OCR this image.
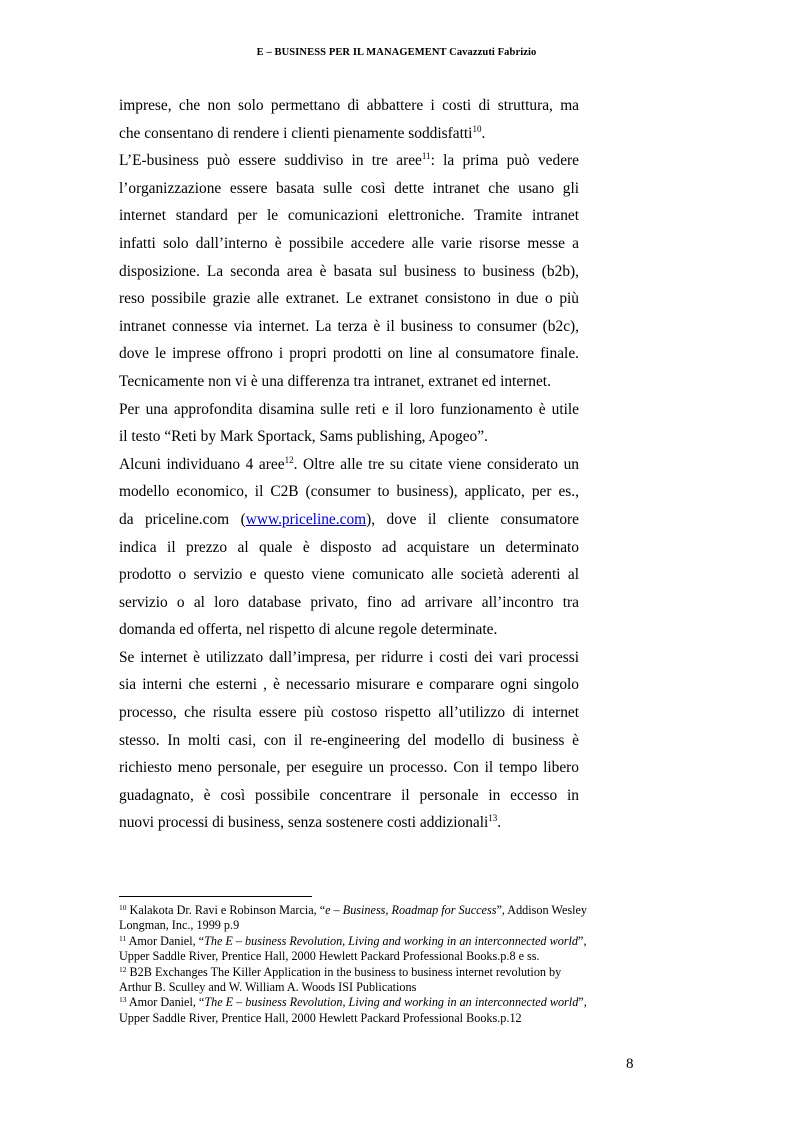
E – BUSINESS PER IL MANAGEMENT Cavazzuti Fabrizio
imprese, che non solo permettano di abbattere i costi di struttura, ma
che consentano di rendere i clienti pienamente soddisfatti$^{10}$.
L’E-business può essere suddiviso in tre aree$^{11}$: la prima può vedere
l’organizzazione essere basata sulle così dette intranet che usano gli
internet standard per le comunicazioni elettroniche. Tramite intranet
infatti solo dall’interno è possibile accedere alle varie risorse messe a
disposizione. La seconda area è basata sul business to business (b2b),
reso possibile grazie alle extranet. Le extranet consistono in due o più
intranet connesse via internet. La terza è il business to consumer (b2c),
dove le imprese offrono i propri prodotti on line al consumatore finale.
Tecnicamente non vi è una differenza tra intranet, extranet ed internet.
Per una approfondita disamina sulle reti e il loro funzionamento è utile
il testo “Reti by Mark Sportack, Sams publishing, Apogeo”.
Alcuni individuano 4 aree$^{12}$. Oltre alle tre su citate viene considerato un
modello economico, il C2B (consumer to business), applicato, per es.,
da priceline.com (www.priceline.com), dove il cliente consumatore
indica il prezzo al quale è disposto ad acquistare un determinato
prodotto o servizio e questo viene comunicato alle società aderenti al
servizio o al loro database privato, fino ad arrivare all’incontro tra
domanda ed offerta, nel rispetto di alcune regole determinate.
Se internet è utilizzato dall’impresa, per ridurre i costi dei vari processi
sia interni che esterni , è necessario misurare e comparare ogni singolo
processo, che risulta essere più costoso rispetto all’utilizzo di internet
stesso. In molti casi, con il re-engineering del modello di business è
richiesto meno personale, per eseguire un processo. Con il tempo libero
guadagnato, è così possibile concentrare il personale in eccesso in
nuovi processi di business, senza sostenere costi addizionali$^{13}$.
$^{10}$ Kalakota Dr. Ravi e Robinson Marcia, “e – Business, Roadmap for Success”, Addison Wesley
Longman, Inc., 1999 p.9
$^{11}$ Amor Daniel, “The E – business Revolution, Living and working in an interconnected world”,
Upper Saddle River, Prentice Hall, 2000 Hewlett Packard Professional Books.p.8 e ss.
$^{12}$ B2B Exchanges The Killer Application in the business to business internet revolution by
Arthur B. Sculley and W. William A. Woods ISI Publications
$^{13}$ Amor Daniel, “The E – business Revolution, Living and working in an interconnected world”,
Upper Saddle River, Prentice Hall, 2000 Hewlett Packard Professional Books.p.12
8
